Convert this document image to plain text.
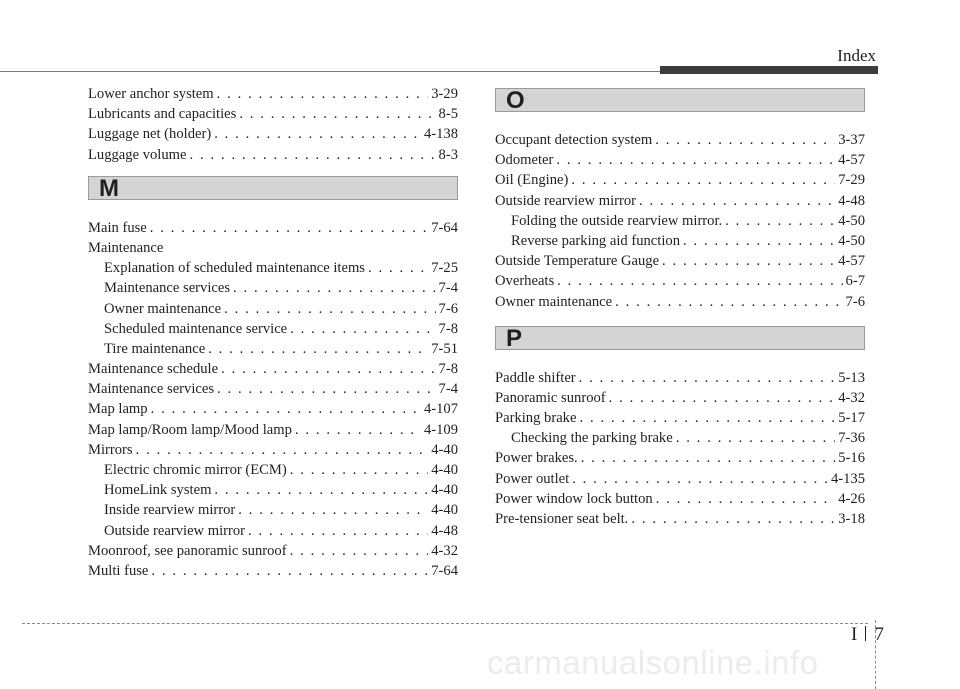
Index
Lower anchor system . . .	3-29
Lubricants and capacities . . .	8-5
Luggage net (holder) . . .	4-138
Luggage volume . . .	8-3
M
Main fuse . . .	7-64
Maintenance
Explanation of scheduled maintenance items . . .	7-25
Maintenance services . . .	7-4
Owner maintenance . . .	7-6
Scheduled maintenance service . . .	7-8
Tire maintenance . . .	7-51
Maintenance schedule . . .	7-8
Maintenance services . . .	7-4
Map lamp . . .	4-107
Map lamp/Room lamp/Mood lamp . . .	4-109
Mirrors . . .	4-40
Electric chromic mirror (ECM) . . .	4-40
HomeLink system . . .	4-40
Inside rearview mirror . . .	4-40
Outside rearview mirror . . .	4-48
Moonroof, see panoramic sunroof . . .	4-32
Multi fuse . . .	7-64
O
Occupant detection system . . .	3-37
Odometer . . .	4-57
Oil (Engine) . . .	7-29
Outside rearview mirror . . .	4-48
Folding the outside rearview mirror. . . .	4-50
Reverse parking aid function . . .	4-50
Outside Temperature Gauge . . .	4-57
Overheats . . .	6-7
Owner maintenance . . .	7-6
P
Paddle shifter . . .	5-13
Panoramic sunroof . . .	4-32
Parking brake . . .	5-17
Checking the parking brake . . .	7-36
Power brakes. . . .	5-16
Power outlet . . .	4-135
Power window lock button . . .	4-26
Pre-tensioner seat belt. . . .	3-18
I 7
carmanualsonline.info
